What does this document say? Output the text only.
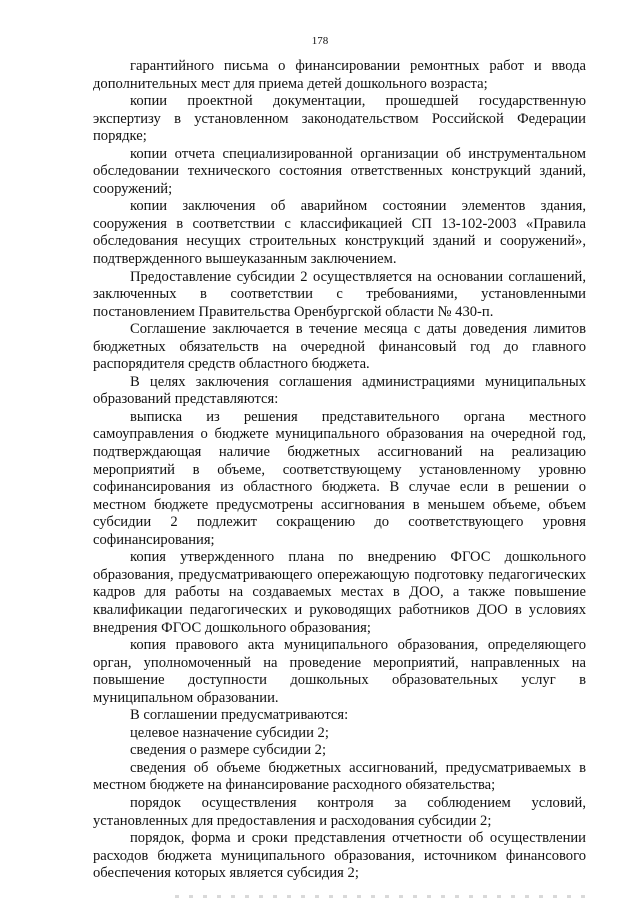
178

гарантийного письма о финансировании ремонтных работ и ввода дополнительных мест для приема детей дошкольного возраста;

копии проектной документации, прошедшей государственную экспертизу в установленном законодательством Российской Федерации порядке;

копии отчета специализированной организации об инструментальном обследовании технического состояния ответственных конструкций зданий, сооружений;

копии заключения об аварийном состоянии элементов здания, сооружения в соответствии с классификацией СП 13-102-2003 «Правила обследования несущих строительных конструкций зданий и сооружений», подтвержденного вышеуказанным заключением.

Предоставление субсидии 2 осуществляется на основании соглашений, заключенных в соответствии с требованиями, установленными постановлением Правительства Оренбургской области № 430-п.

Соглашение заключается в течение месяца с даты доведения лимитов бюджетных обязательств на очередной финансовый год до главного распорядителя средств областного бюджета.

В целях заключения соглашения администрациями муниципальных образований представляются:

выписка из решения представительного органа местного самоуправления о бюджете муниципального образования на очередной год, подтверждающая наличие бюджетных ассигнований на реализацию мероприятий в объеме, соответствующему установленному уровню софинансирования из областного бюджета. В случае если в решении о местном бюджете предусмотрены ассигнования в меньшем объеме, объем субсидии 2 подлежит сокращению до соответствующего уровня софинансирования;

копия утвержденного плана по внедрению ФГОС дошкольного образования, предусматривающего опережающую подготовку педагогических кадров для работы на создаваемых местах в ДОО, а также повышение квалификации педагогических и руководящих работников ДОО в условиях внедрения ФГОС дошкольного образования;

копия правового акта муниципального образования, определяющего орган, уполномоченный на проведение мероприятий, направленных на повышение доступности дошкольных образовательных услуг в муниципальном образовании.

В соглашении предусматриваются:

целевое назначение субсидии 2;

сведения о размере субсидии 2;

сведения об объеме бюджетных ассигнований, предусматриваемых в местном бюджете на финансирование расходного обязательства;

порядок осуществления контроля за соблюдением условий, установленных для предоставления и расходования субсидии 2;

порядок, форма и сроки представления отчетности об осуществлении расходов бюджета муниципального образования, источником финансового обеспечения которых является субсидия 2;
